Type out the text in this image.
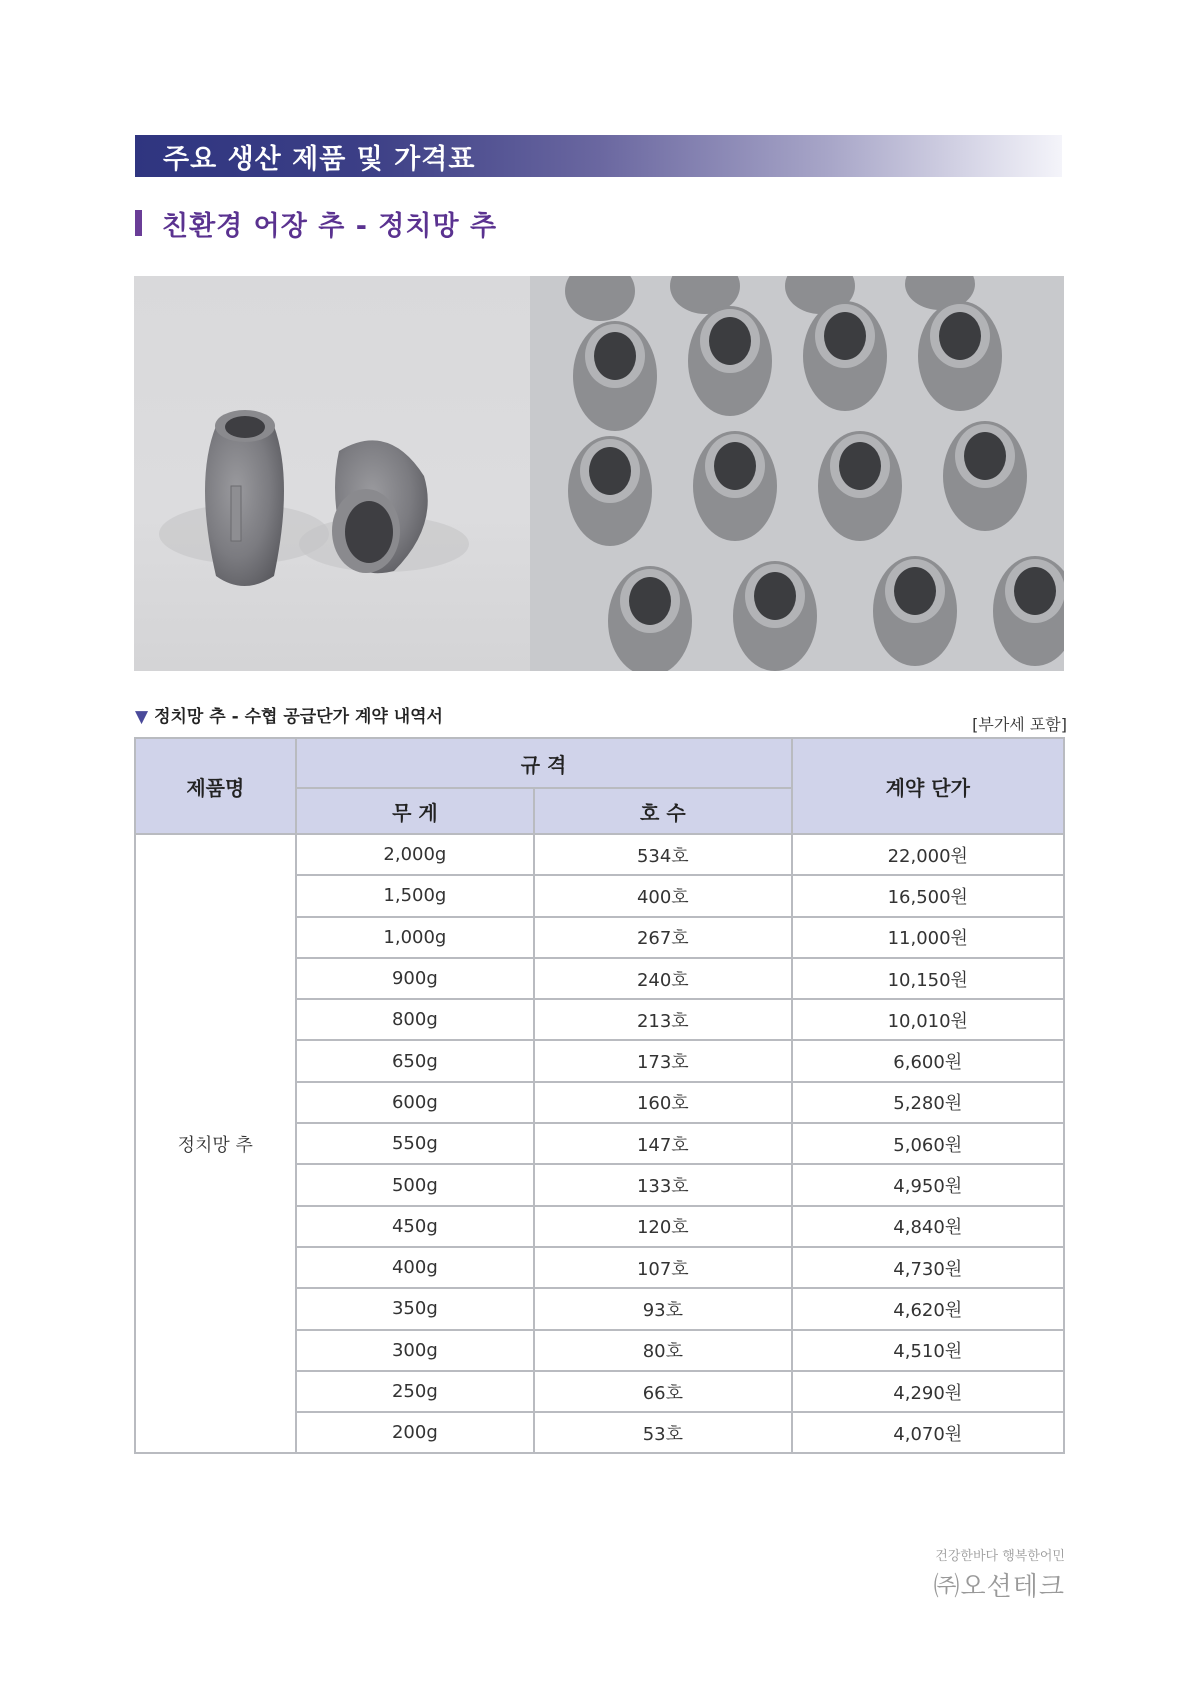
주요 생산 제품 및 가격표
친환경 어장 추 - 정치망 추
▼ 정치망 추 - 수협 공급단가 계약 내역서	[부가세 포함]
제품명	규 격		계약 단가
	무 게	호 수	
정치망 추	2,000g	534호	22,000원
	1,500g	400호	16,500원
	1,000g	267호	11,000원
	900g	240호	10,150원
	800g	213호	10,010원
	650g	173호	6,600원
	600g	160호	5,280원
	550g	147호	5,060원
	500g	133호	4,950원
	450g	120호	4,840원
	400g	107호	4,730원
	350g	93호	4,620원
	300g	80호	4,510원
	250g	66호	4,290원
	200g	53호	4,070원
건강한바다 행복한어민
㈜오션테크
